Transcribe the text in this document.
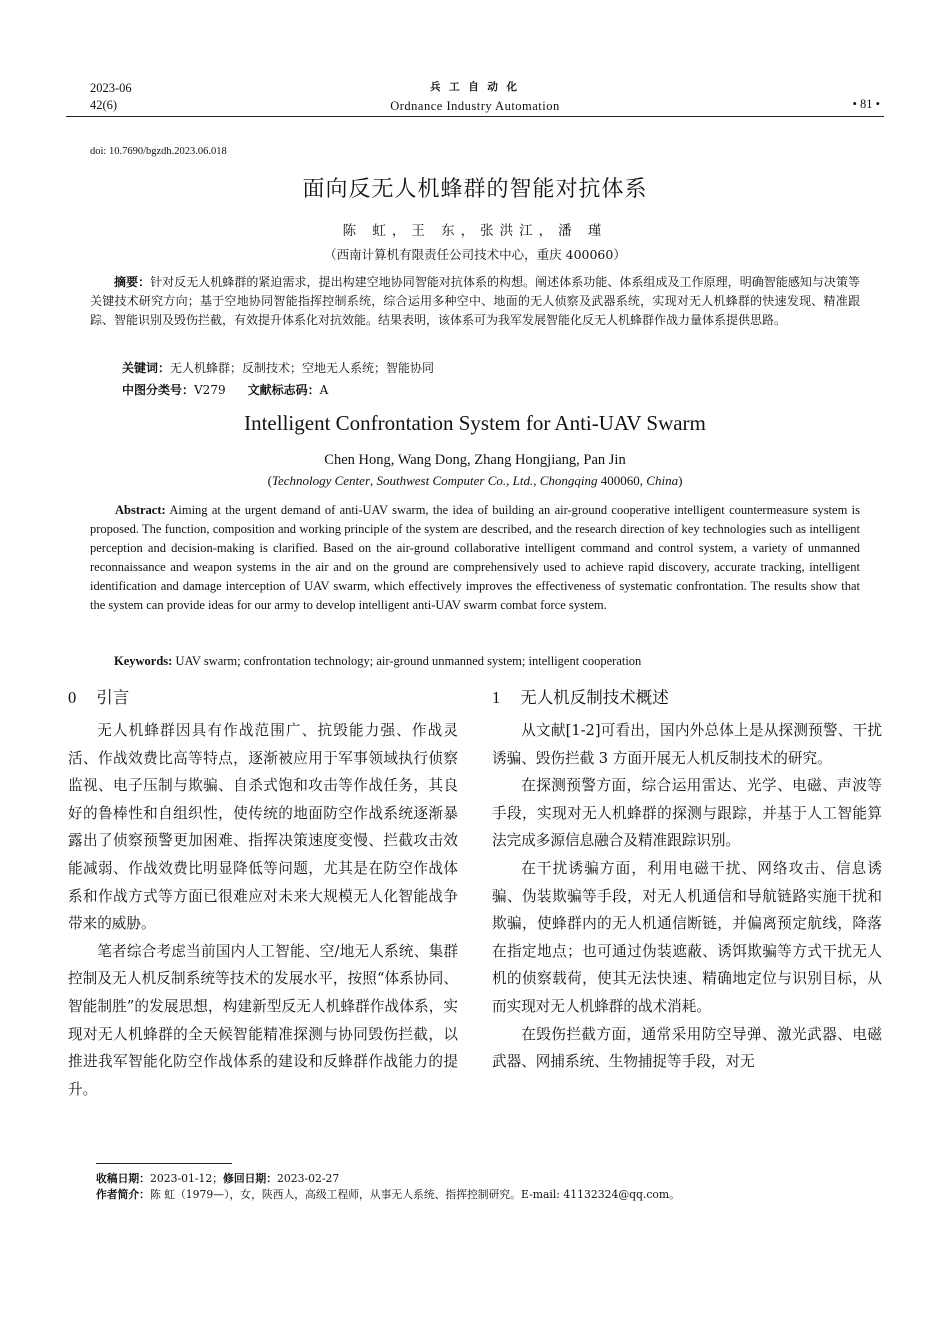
2023-06
42(6)
兵 工 自 动 化
Ordnance Industry Automation	• 81 •
doi: 10.7690/bgzdh.2023.06.018
面向反无人机蜂群的智能对抗体系
陈 虹，王 东，张洪江，潘 瑾
（西南计算机有限责任公司技术中心，重庆 400060）
摘要：针对反无人机蜂群的紧迫需求，提出构建空地协同智能对抗体系的构想。阐述体系功能、体系组成及工作原理，明确智能感知与决策等关键技术研究方向；基于空地协同智能指挥控制系统，综合运用多种空中、地面的无人侦察及武器系统，实现对无人机蜂群的快速发现、精准跟踪、智能识别及毁伤拦截，有效提升体系化对抗效能。结果表明，该体系可为我军发展智能化反无人机蜂群作战力量体系提供思路。
关键词：无人机蜂群；反制技术；空地无人系统；智能协同
中图分类号：V279 文献标志码：A
Intelligent Confrontation System for Anti-UAV Swarm
Chen Hong, Wang Dong, Zhang Hongjiang, Pan Jin
(Technology Center, Southwest Computer Co., Ltd., Chongqing 400060, China)
Abstract: Aiming at the urgent demand of anti-UAV swarm, the idea of building an air-ground cooperative intelligent countermeasure system is proposed. The function, composition and working principle of the system are described, and the research direction of key technologies such as intelligent perception and decision-making is clarified. Based on the air-ground collaborative intelligent command and control system, a variety of unmanned reconnaissance and weapon systems in the air and on the ground are comprehensively used to achieve rapid discovery, accurate tracking, intelligent identification and damage interception of UAV swarm, which effectively improves the effectiveness of systematic confrontation. The results show that the system can provide ideas for our army to develop intelligent anti-UAV swarm combat force system.
Keywords: UAV swarm; confrontation technology; air-ground unmanned system; intelligent cooperation
0 引言	1 无人机反制技术概述

无人机蜂群因具有作战范围广、抗毁能力强、作战灵活、作战效费比高等特点，逐渐被应用于军事领域执行侦察监视、电子压制与欺骗、自杀式饱和攻击等作战任务，其良好的鲁棒性和自组织性，使传统的地面防空作战系统逐渐暴露出了侦察预警更加困难、指挥决策速度变慢、拦截攻击效能减弱、作战效费比明显降低等问题，尤其是在防空作战体系和作战方式等方面已很难应对未来大规模无人化智能战争带来的威胁。

笔者综合考虑当前国内人工智能、空/地无人系统、集群控制及无人机反制系统等技术的发展水平，按照“体系协同、智能制胜”的发展思想，构建新型反无人机蜂群作战体系，实现对无人机蜂群的全天候智能精准探测与协同毁伤拦截，以推进我军智能化防空作战体系的建设和反蜂群作战能力的提升。

从文献[1-2]可看出，国内外总体上是从探测预警、干扰诱骗、毁伤拦截 3 方面开展无人机反制技术的研究。

在探测预警方面，综合运用雷达、光学、电磁、声波等手段，实现对无人机蜂群的探测与跟踪，并基于人工智能算法完成多源信息融合及精准跟踪识别。

在干扰诱骗方面，利用电磁干扰、网络攻击、信息诱骗、伪装欺骗等手段，对无人机通信和导航链路实施干扰和欺骗，使蜂群内的无人机通信断链，并偏离预定航线，降落在指定地点；也可通过伪装遮蔽、诱饵欺骗等方式干扰无人机的侦察载荷，使其无法快速、精确地定位与识别目标，从而实现对无人机蜂群的战术消耗。

在毁伤拦截方面，通常采用防空导弹、激光武器、电磁武器、网捕系统、生物捕捉等手段，对无

收稿日期：2023-01-12；修回日期：2023-02-27
作者简介：陈 虹（1979—），女，陕西人，高级工程师，从事无人系统、指挥控制研究。E-mail: 41132324@qq.com。
